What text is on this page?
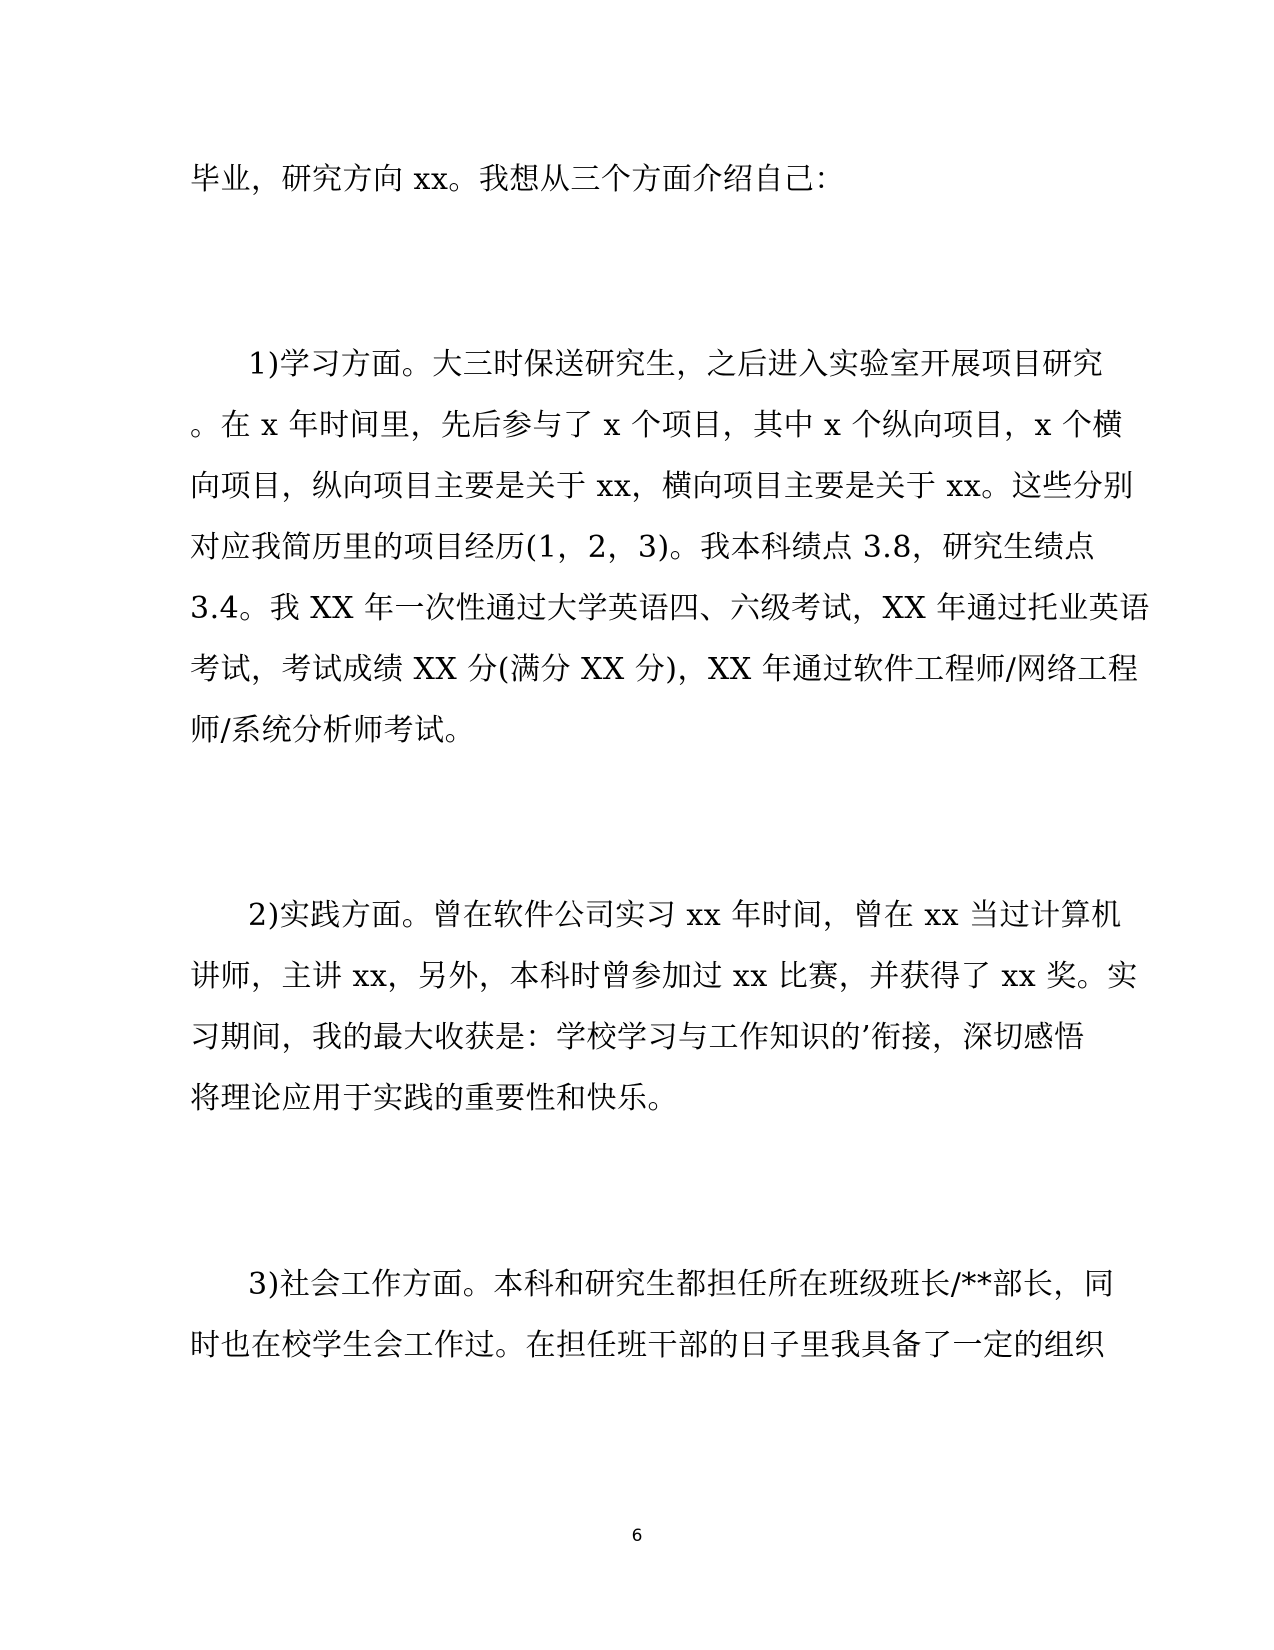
毕业，研究方向 xx。我想从三个方面介绍自己：
1)学习方面。大三时保送研究生，之后进入实验室开展项目研究
。在 x 年时间里，先后参与了 x 个项目，其中 x 个纵向项目，x 个横
向项目，纵向项目主要是关于 xx，横向项目主要是关于 xx。这些分别
对应我简历里的项目经历(1，2，3)。我本科绩点 3.8，研究生绩点
3.4。我 XX 年一次性通过大学英语四、六级考试，XX 年通过托业英语
考试，考试成绩 XX 分(满分 XX 分)，XX 年通过软件工程师/网络工程
师/系统分析师考试。
2)实践方面。曾在软件公司实习 xx 年时间，曾在 xx 当过计算机
讲师，主讲 xx，另外，本科时曾参加过 xx 比赛，并获得了 xx 奖。实
习期间，我的最大收获是：学校学习与工作知识的’衔接，深切感悟
将理论应用于实践的重要性和快乐。
3)社会工作方面。本科和研究生都担任所在班级班长/**部长，同
时也在校学生会工作过。在担任班干部的日子里我具备了一定的组织
6
